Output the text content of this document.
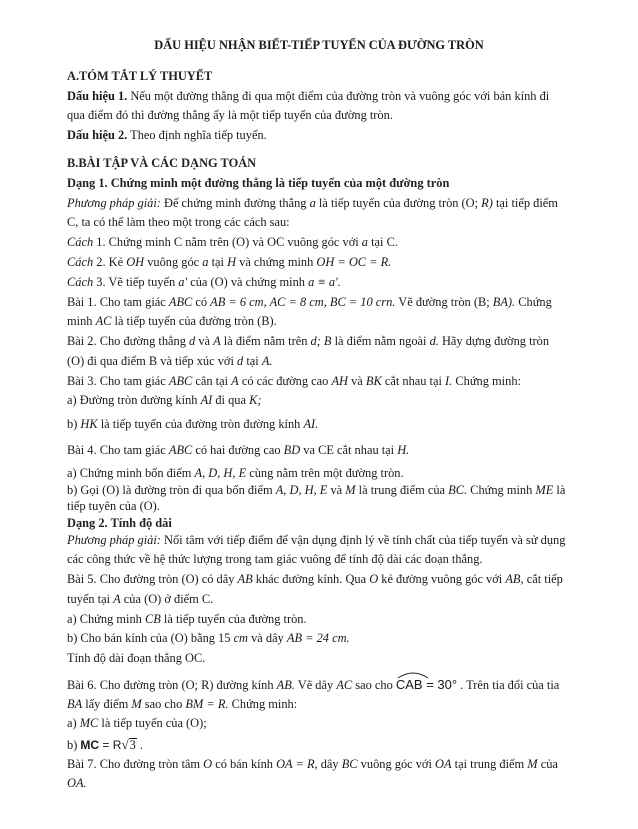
DẤU HIỆU NHẬN BIẾT-TIẾP TUYẾN CỦA ĐƯỜNG TRÒN
A.TÓM TẮT LÝ THUYẾT
Dấu hiệu 1. Nếu một đường thẳng đi qua một điểm của đường tròn và vuông góc với bán kính đi
qua điểm đó thì đường thẳng ấy là một tiếp tuyến của đường tròn.
Dấu hiệu 2. Theo định nghĩa tiếp tuyến.
B.BÀI TẬP VÀ CÁC DẠNG TOÁN
Dạng 1. Chứng minh một đường thẳng là tiếp tuyến của một đường tròn
Phương pháp giải: Để chứng minh đường thẳng a là tiếp tuyến của đường tròn (O; R) tại tiếp điểm
C, ta có thể làm theo một trong các cách sau:
Cách 1. Chứng minh C nằm trên (O) và OC vuông góc với a tại C.
Cách 2. Kẻ OH vuông góc a tại H và chứng minh OH = OC = R.
Cách 3. Vẽ tiếp tuyến a' của (O) và chứng minh a ≡ a'.
Bài 1. Cho tam giác ABC có AB = 6 cm, AC = 8 cm, BC = 10 crn. Vẽ đường tròn (B; BA). Chứng
minh AC là tiếp tuyến của đường tròn (B).
Bài 2. Cho đường thẳng d và A là điểm nằm trên d; B là điểm nằm ngoài d. Hãy dựng đường tròn
(O) đi qua điểm B và tiếp xúc với d tại A.
Bài 3. Cho tam giác ABC cân tại A có các đường cao AH và BK cắt nhau tại I. Chứng minh:
a) Đường tròn đường kính AI đi qua K;
b) HK là tiếp tuyến của đường tròn đường kính AI.
Bài 4. Cho tam giác ABC có hai đường cao BD va CE cắt nhau tại H.
a) Chứng minh bốn điểm A, D, H, E cùng nằm trên một đường tròn.
b) Gọi (O) là đường tròn đi qua bốn điểm A, D, H, E và M là trung điểm của BC. Chứng minh ME là
tiếp tuyên của (O).
Dạng 2. Tính độ dài
Phương pháp giải: Nối tâm với tiếp điểm để vận dụng định lý về tính chất của tiếp tuyến và sử dụng
các công thức về hệ thức lượng trong tam giác vuông để tính độ dài các đoạn thẳng.
Bài 5. Cho đường tròn (O) có dây AB khác đường kính. Qua O kẻ đường vuông góc với AB, cắt tiếp
tuyến tại A của (O) ở điểm C.
a) Chứng minh CB là tiếp tuyến của đường tròn.
b) Cho bán kính của (O) bằng 15 cm và dây AB = 24 cm.
Tính độ dài đoạn thẳng OC.
Bài 6. Cho đường tròn (O; R) đường kính AB. Vẽ dây AC sao cho
CAB = 30° . Trên tia đối của tia
BA lấy điểm M sao cho BM = R. Chứng minh:
a) MC là tiếp tuyến của (O);
b) MC = R√3 .
Bài 7. Cho đường tròn tâm O có bán kính OA = R, dây BC vuông góc với OA tại trung điểm M của
OA.
